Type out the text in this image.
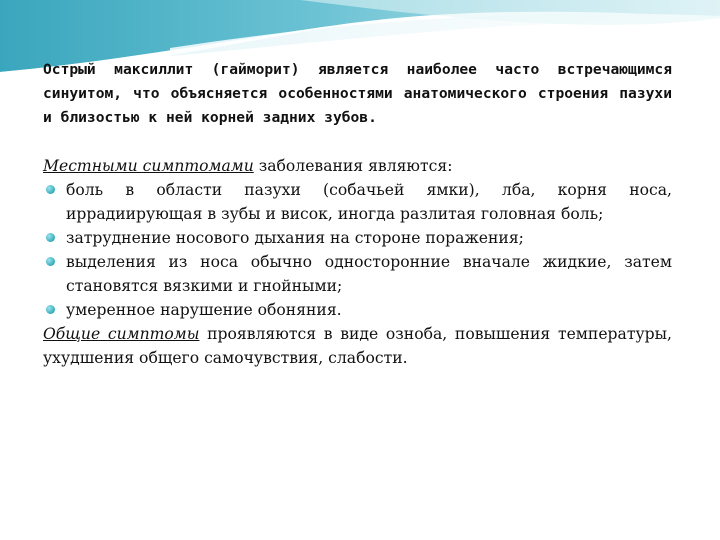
Острый максиллит (гайморит) является наиболее часто встречающимся синуитом, что объясняется особенностями анатомического строения пазухи и близостью к ней корней задних зубов.

Местными симптомами заболевания являются:

боль в области пазухи (собачьей ямки), лба, корня носа, иррадиирующая в зубы и висок, иногда разлитая головная боль;
затруднение носового дыхания на стороне поражения;
выделения из носа обычно односторонние вначале жидкие, затем становятся вязкими и гнойными;
умеренное нарушение обоняния.

Общие симптомы проявляются в виде озноба, повышения температуры, ухудшения общего самочувствия, слабости.
